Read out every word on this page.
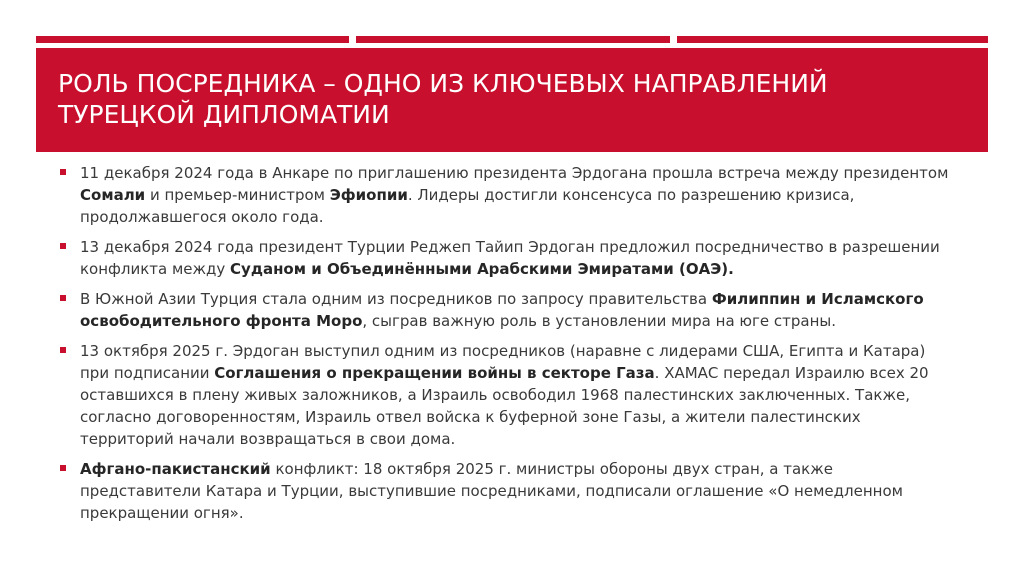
РОЛЬ ПОСРЕДНИКА – ОДНО ИЗ КЛЮЧЕВЫХ НАПРАВЛЕНИЙ ТУРЕЦКОЙ ДИПЛОМАТИИ
11 декабря 2024 года в Анкаре по приглашению президента Эрдогана прошла встреча между президентом Сомали и премьер-министром Эфиопии. Лидеры достигли консенсуса по разрешению кризиса, продолжавшегося около года.
13 декабря 2024 года президент Турции Реджеп Тайип Эрдоган предложил посредничество в разрешении конфликта между Суданом и Объединёнными Арабскими Эмиратами (ОАЭ).
В Южной Азии Турция стала одним из посредников по запросу правительства Филиппин и Исламского освободительного фронта Моро, сыграв важную роль в установлении мира на юге страны.
13 октября 2025 г. Эрдоган выступил одним из посредников (наравне с лидерами США, Египта и Катара) при подписании Соглашения о прекращении войны в секторе Газа. ХАМАС передал Израилю всех 20 оставшихся в плену живых заложников, а Израиль освободил 1968 палестинских заключенных. Также, согласно договоренностям, Израиль отвел войска к буферной зоне Газы, а жители палестинских территорий начали возвращаться в свои дома.
Афгано-пакистанский конфликт: 18 октября 2025 г. министры обороны двух стран, а также представители Катара и Турции, выступившие посредниками, подписали оглашение «О немедленном прекращении огня».
